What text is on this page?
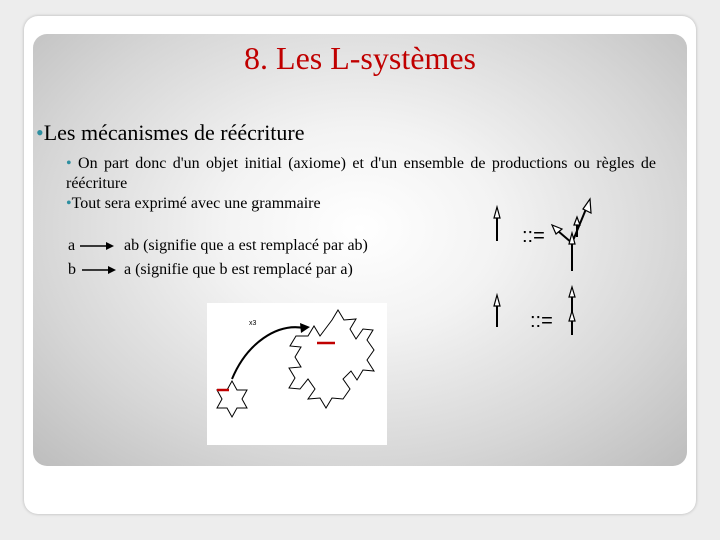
8. Les L-systèmes
•Les mécanismes de réécriture
• On part donc d'un objet initial (axiome) et d'un ensemble de productions ou règles de réécriture
•Tout sera exprimé avec une grammaire
a	ab (signifie que a est remplacé par ab)
b	a (signifie que b est remplacé par a)
::=
::=
x3
